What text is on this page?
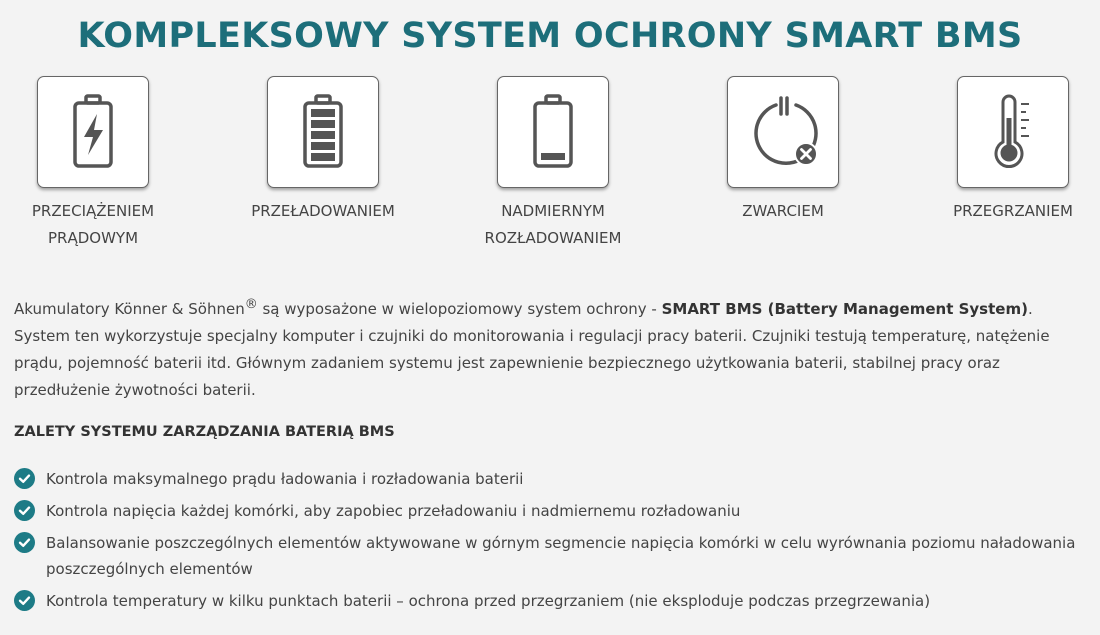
KOMPLEKSOWY SYSTEM OCHRONY SMART BMS
PRZECIĄŻENIEM
PRĄDOWYM
PRZEŁADOWANIEM	NADMIERNYM
ROZŁADOWANIEM
ZWARCIEM	PRZEGRZANIEM
Akumulatory Könner & Söhnen® są wyposażone w wielopoziomowy system ochrony - SMART BMS (Battery Management System). System ten wykorzystuje specjalny komputer i czujniki do monitorowania i regulacji pracy baterii. Czujniki testują temperaturę, natężenie prądu, pojemność baterii itd. Głównym zadaniem systemu jest zapewnienie bezpiecznego użytkowania baterii, stabilnej pracy oraz przedłużenie żywotności baterii.
ZALETY SYSTEMU ZARZĄDZANIA BATERIĄ BMS
Kontrola maksymalnego prądu ładowania i rozładowania baterii
Kontrola napięcia każdej komórki, aby zapobiec przeładowaniu i nadmiernemu rozładowaniu
Balansowanie poszczególnych elementów aktywowane w górnym segmencie napięcia komórki w celu wyrównania poziomu naładowania poszczególnych elementów
Kontrola temperatury w kilku punktach baterii – ochrona przed przegrzaniem (nie eksploduje podczas przegrzewania)
